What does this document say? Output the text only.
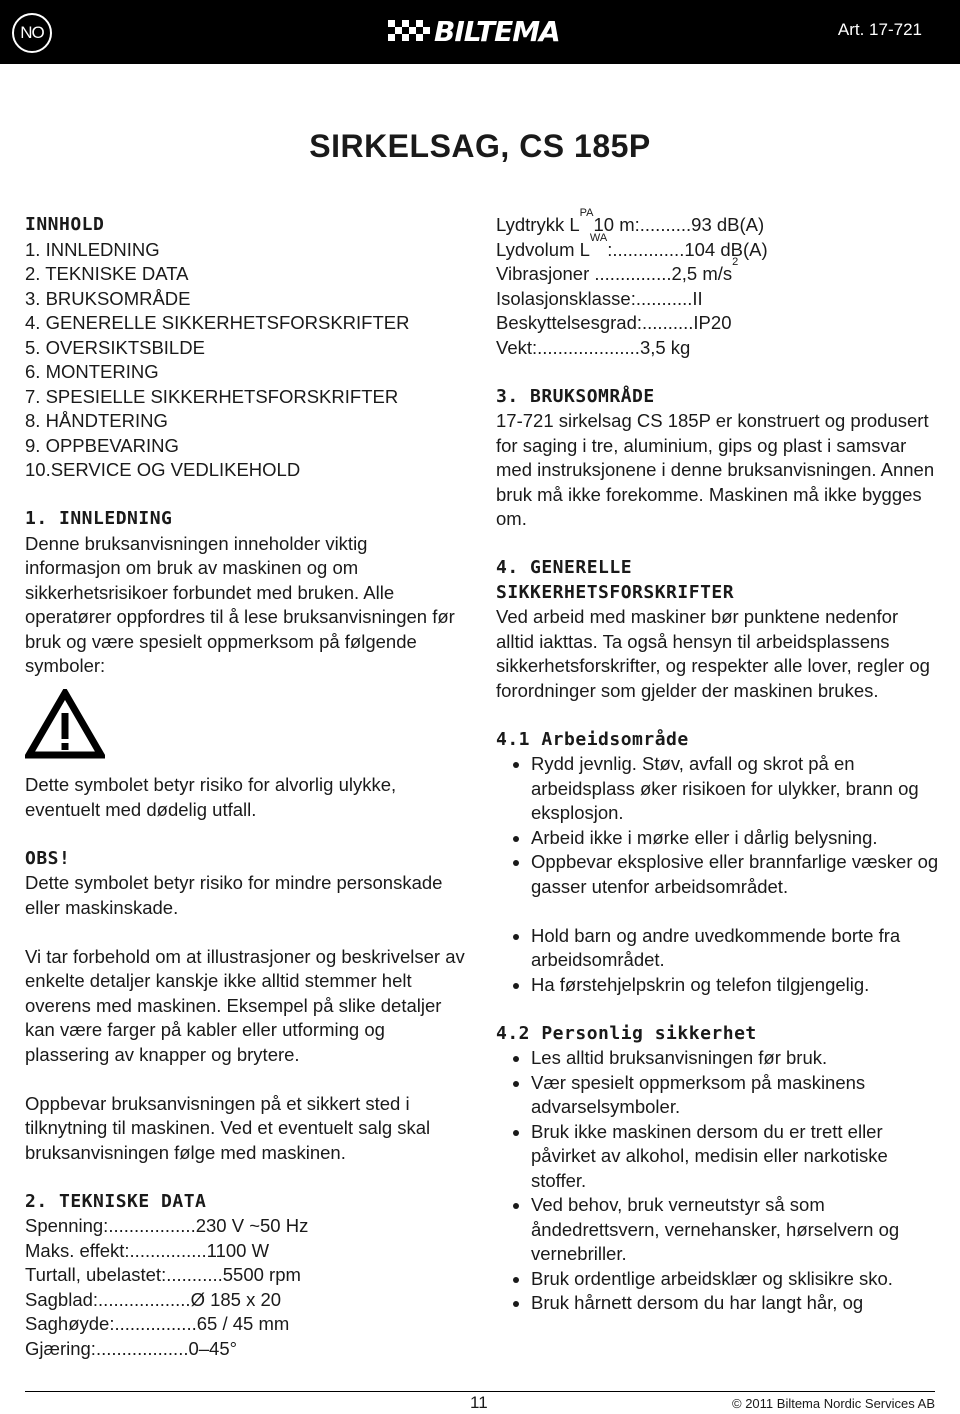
NO	BILTEMA	Art. 17-721
SIRKELSAG, CS 185P

INNHOLD

1. INNLEDNING
2. TEKNISKE DATA
3. BRUKSOMRÅDE
4. GENERELLE SIKKERHETSFORSKRIFTER
5. OVERSIKTSBILDE
6. MONTERING
7. SPESIELLE SIKKERHETSFORSKRIFTER
8. HÅNDTERING
9. OPPBEVARING
10.SERVICE OG VEDLIKEHOLD

1. INNLEDNING

Denne bruksanvisningen inneholder viktig informasjon om bruk av maskinen og om sikkerhetsrisikoer forbundet med bruken. Alle operatører oppfordres til å lese bruksanvisningen før bruk og være spesielt oppmerksom på følgende symboler:

Dette symbolet betyr risiko for alvorlig ulykke, eventuelt med dødelig utfall.

OBS!

Dette symbolet betyr risiko for mindre personskade eller maskinskade.

Vi tar forbehold om at illustrasjoner og beskrivelser av enkelte detaljer kanskje ikke alltid stemmer helt overens med maskinen. Eksempel på slike detaljer kan være farger på kabler eller utforming og plassering av knapper og brytere.

Oppbevar bruksanvisningen på et sikkert sted i tilknytning til maskinen. Ved et eventuelt salg skal bruksanvisningen følge med maskinen.

2. TEKNISKE DATA

Spenning: ................. 230 V ~50 Hz
Maks. effekt: ............... 1100 W
Turtall, ubelastet: ........... 5500 rpm
Sagblad: .................. Ø 185 x 20
Saghøyde: ................ 65 / 45 mm
Gjæring: .................. 0–45°
Lydtrykk L
PA
10 m: .......... 93 dB(A)
Lydvolum L
WA
: .............. 104 dB(A)
Vibrasjoner
............... 2,5 m/s
2
Isolasjonsklasse: ........... II
Beskyttelsesgrad: .......... IP20
Vekt: .................... 3,5 kg

3. BRUKSOMRÅDE

17-721 sirkelsag CS 185P er konstruert og produsert for saging i tre, aluminium, gips og plast i samsvar med instruksjonene i denne bruksanvisningen. Annen bruk må ikke forekomme. Maskinen må ikke bygges om.

4. GENERELLE

SIKKERHETSFORSKRIFTER

Ved arbeid med maskiner bør punktene nedenfor alltid iakttas. Ta også hensyn til arbeidsplassens sikkerhetsforskrifter, og respekter alle lover, regler og forordninger som gjelder der maskinen brukes.

4.1 Arbeidsområde

• Rydd jevnlig. Støv, avfall og skrot på en arbeidsplass øker risikoen for ulykker, brann og eksplosjon.
• Arbeid ikke i mørke eller i dårlig belysning.
• Oppbevar eksplosive eller brannfarlige væsker og gasser utenfor arbeidsområdet.
• Hold barn og andre uvedkommende borte fra arbeidsområdet.
• Ha førstehjelpskrin og telefon tilgjengelig.

4.2 Personlig sikkerhet

• Les alltid bruksanvisningen før bruk.
• Vær spesielt oppmerksom på maskinens advarselsymboler.
• Bruk ikke maskinen dersom du er trett eller påvirket av alkohol, medisin eller narkotiske stoffer.
• Ved behov, bruk verneutstyr så som åndedrettsvern, vernehansker, hørselvern og vernebriller.
• Bruk ordentlige arbeidsklær og sklisikre sko.
• Bruk hårnett dersom du har langt hår, og
11	© 2011 Biltema Nordic Services AB
